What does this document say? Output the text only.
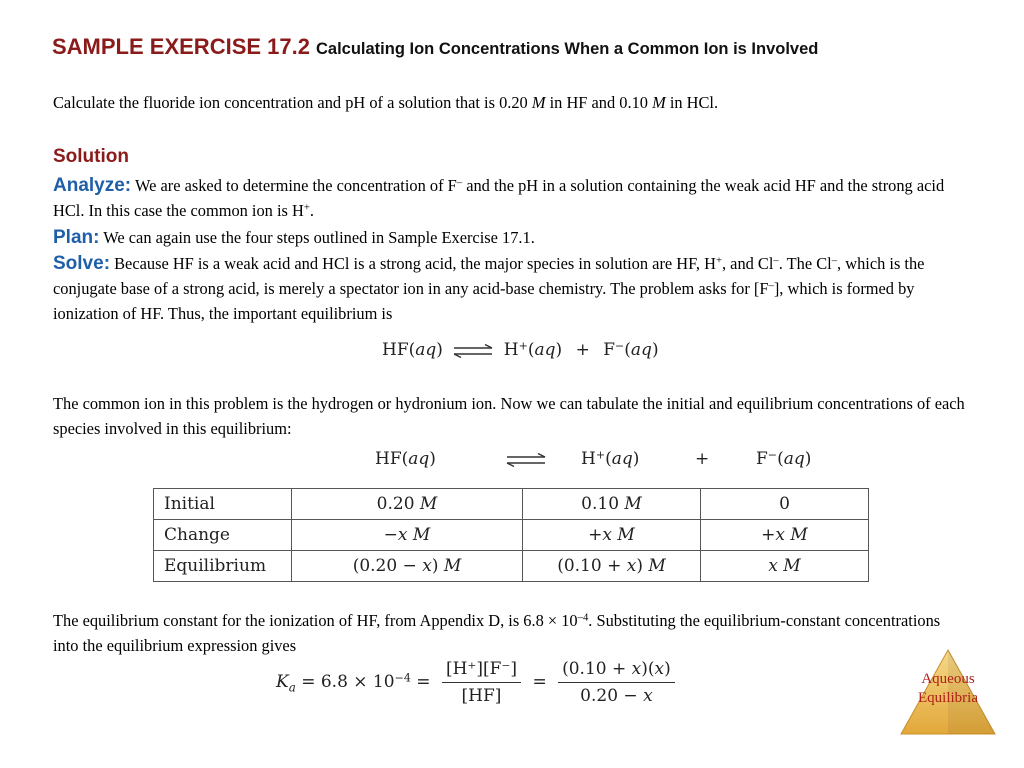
SAMPLE EXERCISE 17.2 Calculating Ion Concentrations When a Common Ion is Involved
Calculate the fluoride ion concentration and pH of a solution that is 0.20 M in HF and 0.10 M in HCl.
Solution
Analyze: We are asked to determine the concentration of F– and the pH in a solution containing the weak acid HF and the strong acid HCl. In this case the common ion is H+.
Plan: We can again use the four steps outlined in Sample Exercise 17.1.
Solve: Because HF is a weak acid and HCl is a strong acid, the major species in solution are HF, H+, and Cl–. The Cl–, which is the conjugate base of a strong acid, is merely a spectator ion in any acid-base chemistry. The problem asks for [F–], which is formed by ionization of HF. Thus, the important equilibrium is
HF(aq) ⇌ H+(aq) + F−(aq)
The common ion in this problem is the hydrogen or hydronium ion. Now we can tabulate the initial and equilibrium concentrations of each species involved in this equilibrium:
HF(aq)	H+(aq)	+	F−(aq)
Initial	0.20 M	0.10 M	0
Change	−x M	+x M	+x M
Equilibrium	(0.20 − x) M	(0.10 + x) M	x M
The equilibrium constant for the ionization of HF, from Appendix D, is $6.8 \times 10^{-4}$. Substituting the equilibrium-constant concentrations into the equilibrium expression gives
$K_a = 6.8 \times 10^{-4} = \frac{[H^+][F^-]}{[HF]} = \frac{(0.10 + x)(x)}{0.20 - x}$	Aqueous
Equilibria
